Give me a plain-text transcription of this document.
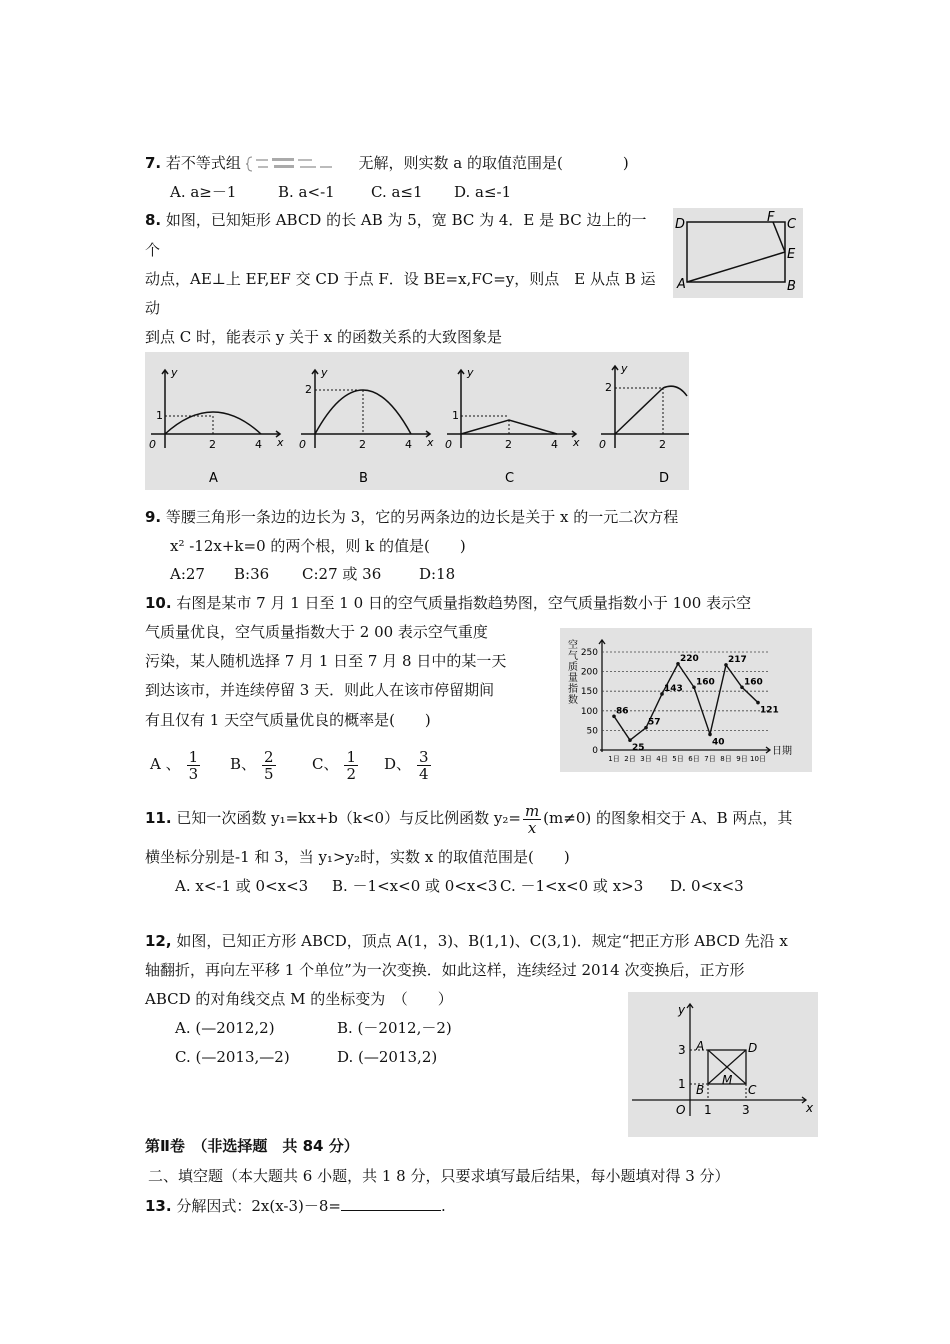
7. 若不等式组	无解，则实数 a 的取值范围是(	)
A. a≥－1	B. a<-1 C. a≤1 D. a≤-1
8. 如图，已知矩形 ABCD 的长 AB 为 5，宽 BC 为 4．E 是 BC 边上的一
个
动点，AE⊥上 EF,EF 交 CD 于点 F．设 BE=x,FC=y，则点　E 从点 B 运
动
到点 C 时，能表示 y 关于 x 的函数关系的大致图象是
D	F C
E
A	B
y
1
0	2	4 x
A
y
2
0	2	4 x
B
y
1
0	2	4 x
C
y
2
0	2
D
9. 等腰三角形一条边的边长为 3，它的另两条边的边长是关于 x 的一元二次方程
x² -12x+k=0 的两个根，则 k 的值是(　　)
A:27 B:36 C:27 或 36	D:18
10. 右图是某市 7 月 1 日至 1 0 日的空气质量指数趋势图，空气质量指数小于 100 表示空
气质量优良，空气质量指数大于 2 00 表示空气重度
污染，某人随机选择 7 月 1 日至 7 月 8 日中的某一天
到达该市，并连续停留 3 天．则此人在该市停留期间
有且仅有 1 天空气质量优良的概率是(　　)
A 、 $\frac{1}{3}$ B、 $\frac{2}{5}$ C、 $\frac{1}{2}$ D、 $\frac{3}{4}$	日期
86
25
57
143
220
160
40
217
160
121
0
50
100
150
200
250
1日 2日 3日 4日 5日 6日 7日 8日 9日 10日
空
气
质
量
指
数
11. 已知一次函数 y₁=kx+b（k<0）与反比例函数 $y_2= \frac{m}{x} (m\ne 0)$ 的图象相交于 A、B 两点，其
横坐标分别是-1 和 3，当 y₁>y₂时，实数 x 的取值范围是(　　)
A. x<-1 或 0<x<3 B. －1<x<0 或 0<x<3 C. －1<x<0 或 x>3 D. 0<x<3
12, 如图，已知正方形 ABCD，顶点 A(1，3)、B(1,1)、C(3,1)．规定“把正方形 ABCD 先沿 x
轴翻折，再向左平移 1 个单位”为一次变换．如此这样，连续经过 2014 次变换后，正方形
ABCD 的对角线交点 M 的坐标变为　（　　）
A. (—2012,2)	B. (－2012,－2)
C. (—2013,—2)	D. (—2013,2)
y
x
O 1	3
1
3 A
B	C
D
M
第Ⅱ卷　（非选择题　共 84 分）
二、填空题（本大题共 6 小题，共 1 8 分，只要求填写最后结果，每小题填对得 3 分）
13. 分解因式：2x(x-3)－8=	.
